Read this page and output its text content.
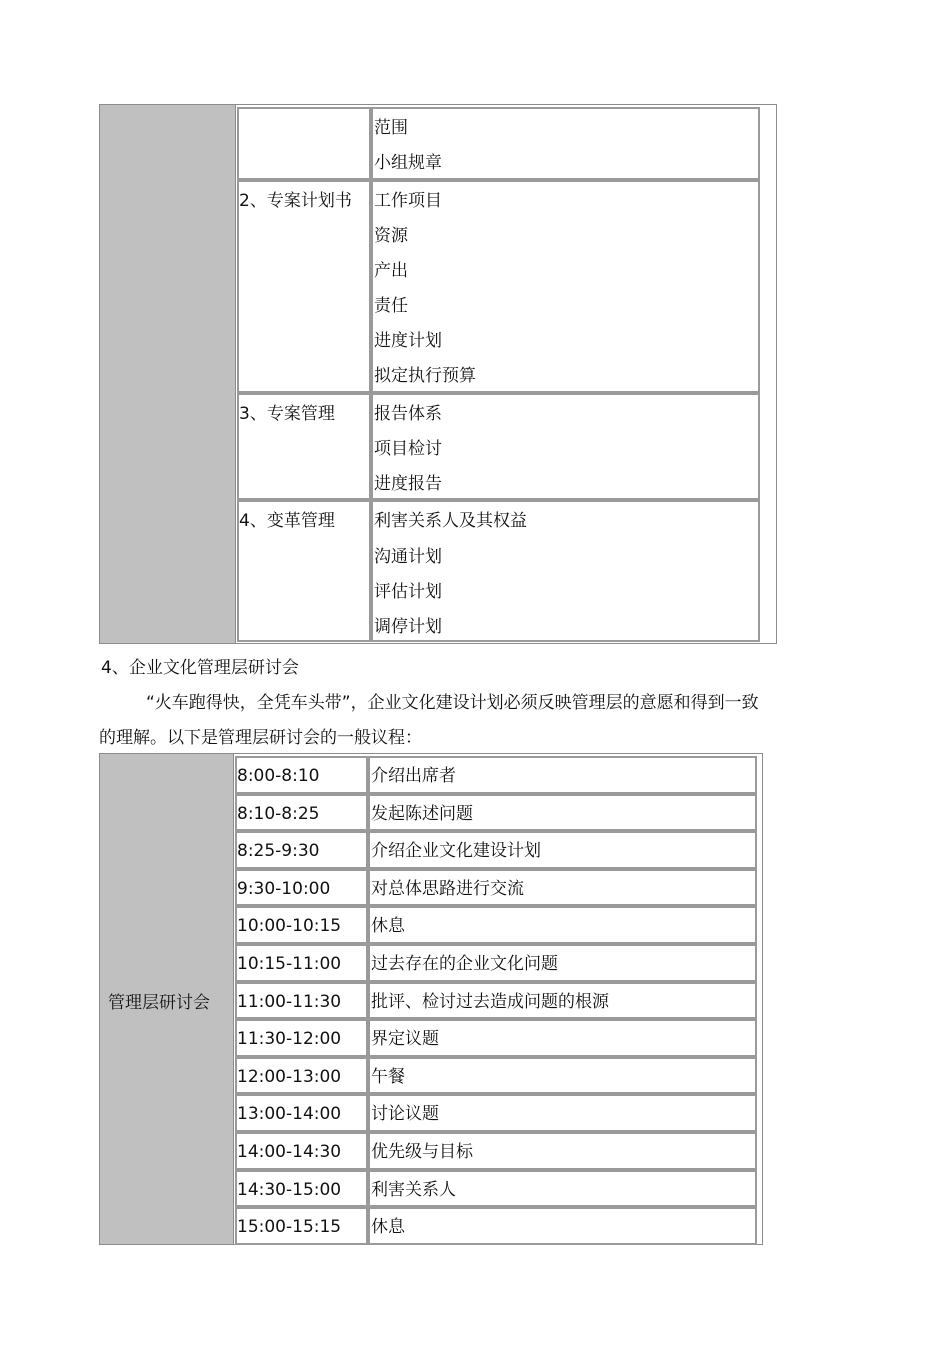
范围
小组规章
2、专案计划书 工作项目
资源
产出
责任
进度计划
拟定执行预算
3、专案管理 报告体系
项目检讨
进度报告
4、变革管理 利害关系人及其权益
沟通计划
评估计划
调停计划
4、企业文化管理层研讨会
“火车跑得快，全凭车头带”，企业文化建设计划必须反映管理层的意愿和得到一致
的理解。以下是管理层研讨会的一般议程：
管理层研讨会
8:00-8:10	介绍出席者
8:10-8:25	发起陈述问题
8:25-9:30	介绍企业文化建设计划
9:30-10:00 对总体思路进行交流
10:00-10:15 休息
10:15-11:00 过去存在的企业文化问题
11:00-11:30 批评、检讨过去造成问题的根源
11:30-12:00 界定议题
12:00-13:00 午餐
13:00-14:00 讨论议题
14:00-14:30 优先级与目标
14:30-15:00 利害关系人
15:00-15:15 休息
